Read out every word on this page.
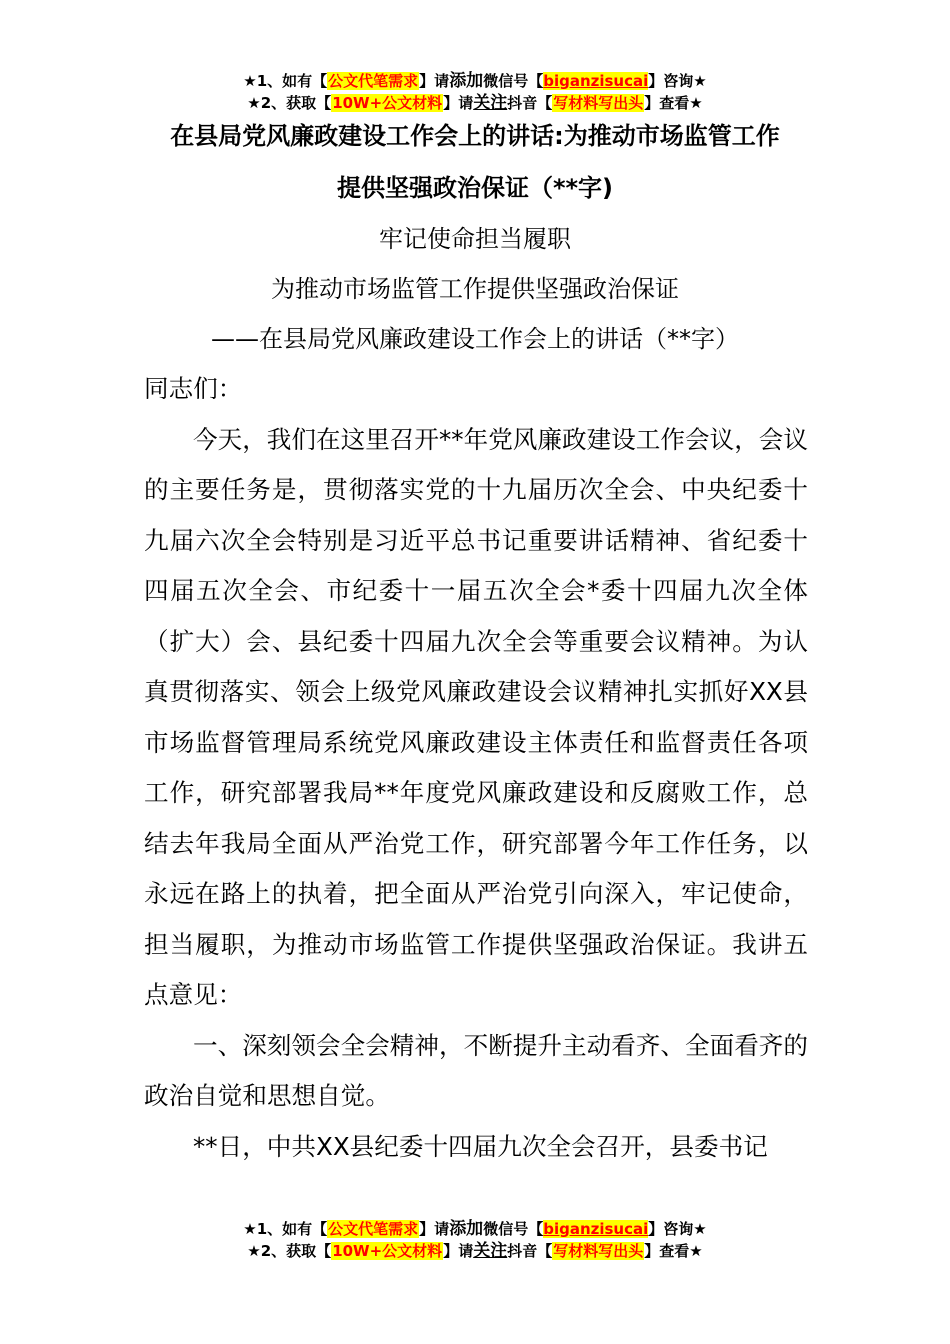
★1、如有【公文代笔需求】请添加微信号【biganzisucai】咨询★
★2、获取【10W+公文材料】请关注抖音【写材料写出头】查看★
在县局党风廉政建设工作会上的讲话:为推动市场监管工作
提供坚强政治保证（**字)
牢记使命担当履职
为推动市场监管工作提供坚强政治保证
——在县局党风廉政建设工作会上的讲话（**字）

同志们：

今天，我们在这里召开**年党风廉政建设工作会议，会议的主要任务是，贯彻落实党的十九届历次全会、中央纪委十九届六次全会特别是习近平总书记重要讲话精神、省纪委十四届五次全会、市纪委十一届五次全会*委十四届九次全体（扩大）会、县纪委十四届九次全会等重要会议精神。为认真贯彻落实、领会上级党风廉政建设会议精神扎实抓好XX县市场监督管理局系统党风廉政建设主体责任和监督责任各项工作，研究部署我局**年度党风廉政建设和反腐败工作，总结去年我局全面从严治党工作，研究部署今年工作任务，以永远在路上的执着，把全面从严治党引向深入，牢记使命，担当履职，为推动市场监管工作提供坚强政治保证。我讲五点意见：

一、深刻领会全会精神，不断提升主动看齐、全面看齐的政治自觉和思想自觉。

**日，中共XX县纪委十四届九次全会召开，县委书记

★1、如有【公文代笔需求】请添加微信号【biganzisucai】咨询★
★2、获取【10W+公文材料】请关注抖音【写材料写出头】查看★
